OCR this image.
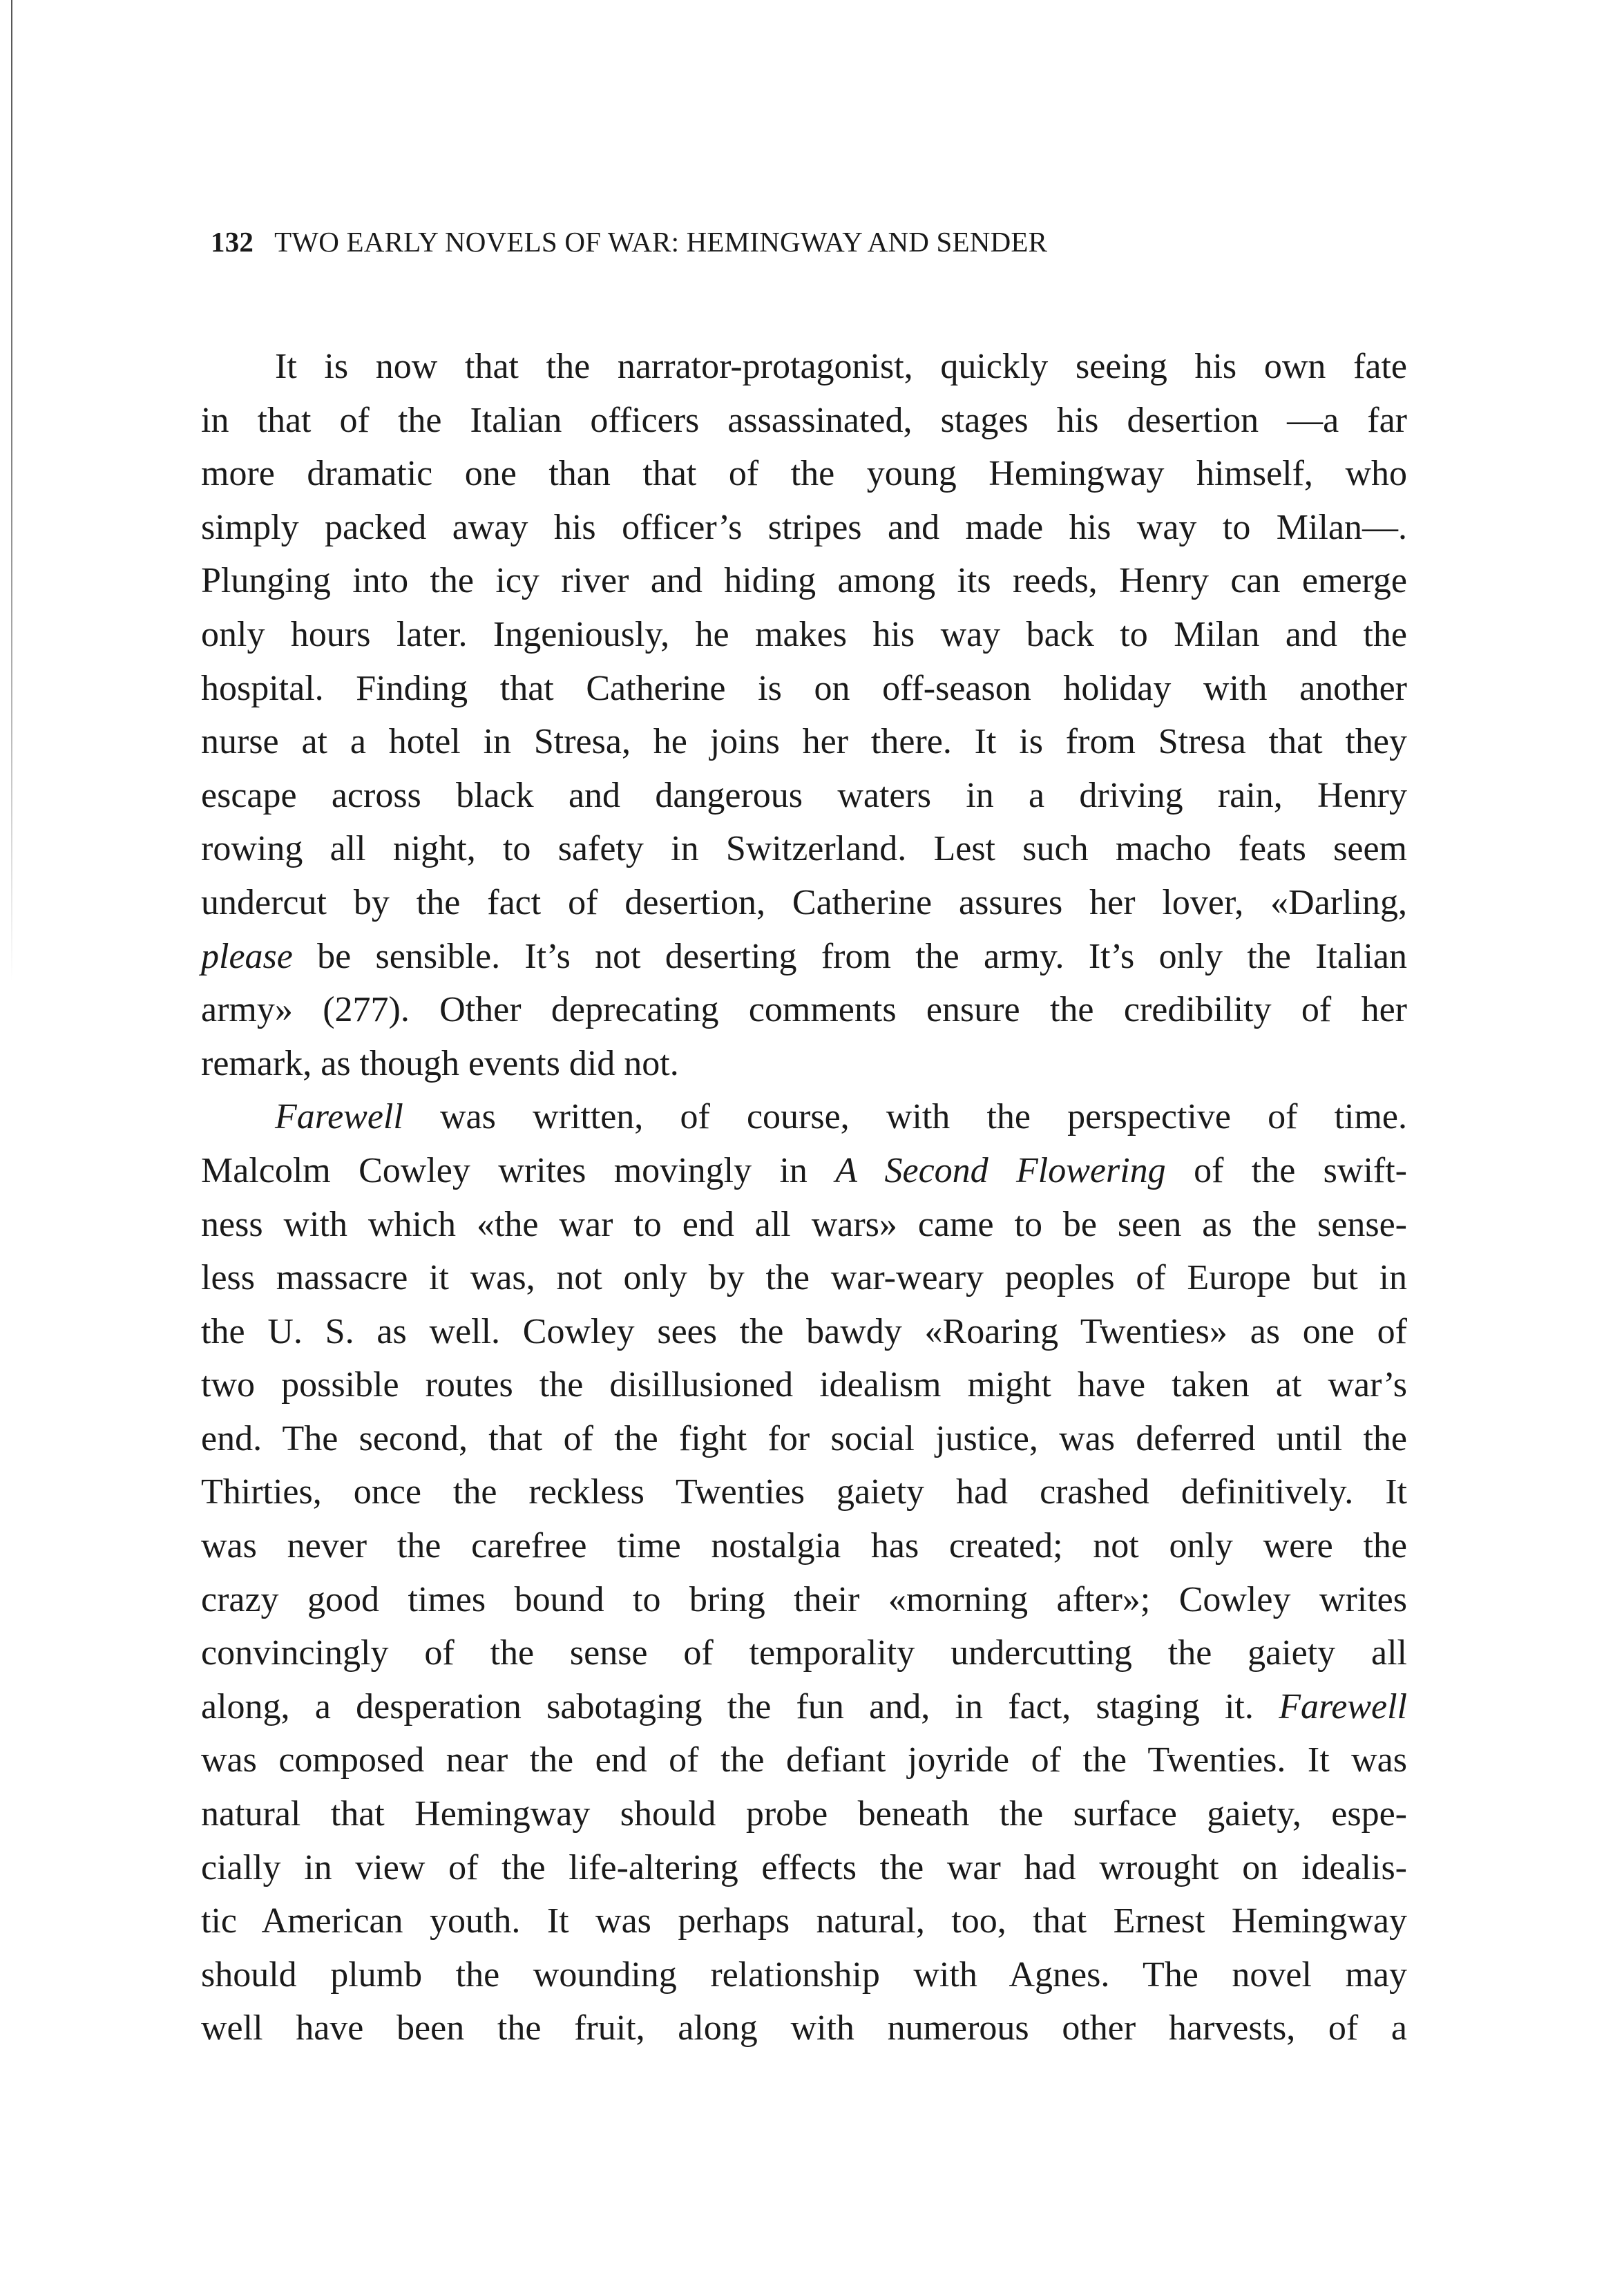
132 TWO EARLY NOVELS OF WAR: HEMINGWAY AND SENDER
It is now that the narrator-protagonist, quickly seeing his own fate
in that of the Italian officers assassinated, stages his desertion —a far
more dramatic one than that of the young Hemingway himself, who
simply packed away his officer’s stripes and made his way to Milan—.
Plunging into the icy river and hiding among its reeds, Henry can emerge
only hours later. Ingeniously, he makes his way back to Milan and the
hospital. Finding that Catherine is on off-season holiday with another
nurse at a hotel in Stresa, he joins her there. It is from Stresa that they
escape across black and dangerous waters in a driving rain, Henry
rowing all night, to safety in Switzerland. Lest such macho feats seem
undercut by the fact of desertion, Catherine assures her lover, «Darling,
please be sensible. It’s not deserting from the army. It’s only the Italian
army» (277). Other deprecating comments ensure the credibility of her
remark, as though events did not.
Farewell was written, of course, with the perspective of time.
Malcolm Cowley writes movingly in A Second Flowering of the swift-
ness with which «the war to end all wars» came to be seen as the sense-
less massacre it was, not only by the war-weary peoples of Europe but in
the U. S. as well. Cowley sees the bawdy «Roaring Twenties» as one of
two possible routes the disillusioned idealism might have taken at war’s
end. The second, that of the fight for social justice, was deferred until the
Thirties, once the reckless Twenties gaiety had crashed definitively. It
was never the carefree time nostalgia has created; not only were the
crazy good times bound to bring their «morning after»; Cowley writes
convincingly of the sense of temporality undercutting the gaiety all
along, a desperation sabotaging the fun and, in fact, staging it. Farewell
was composed near the end of the defiant joyride of the Twenties. It was
natural that Hemingway should probe beneath the surface gaiety, espe-
cially in view of the life-altering effects the war had wrought on idealis-
tic American youth. It was perhaps natural, too, that Ernest Hemingway
should plumb the wounding relationship with Agnes. The novel may
well have been the fruit, along with numerous other harvests, of a
